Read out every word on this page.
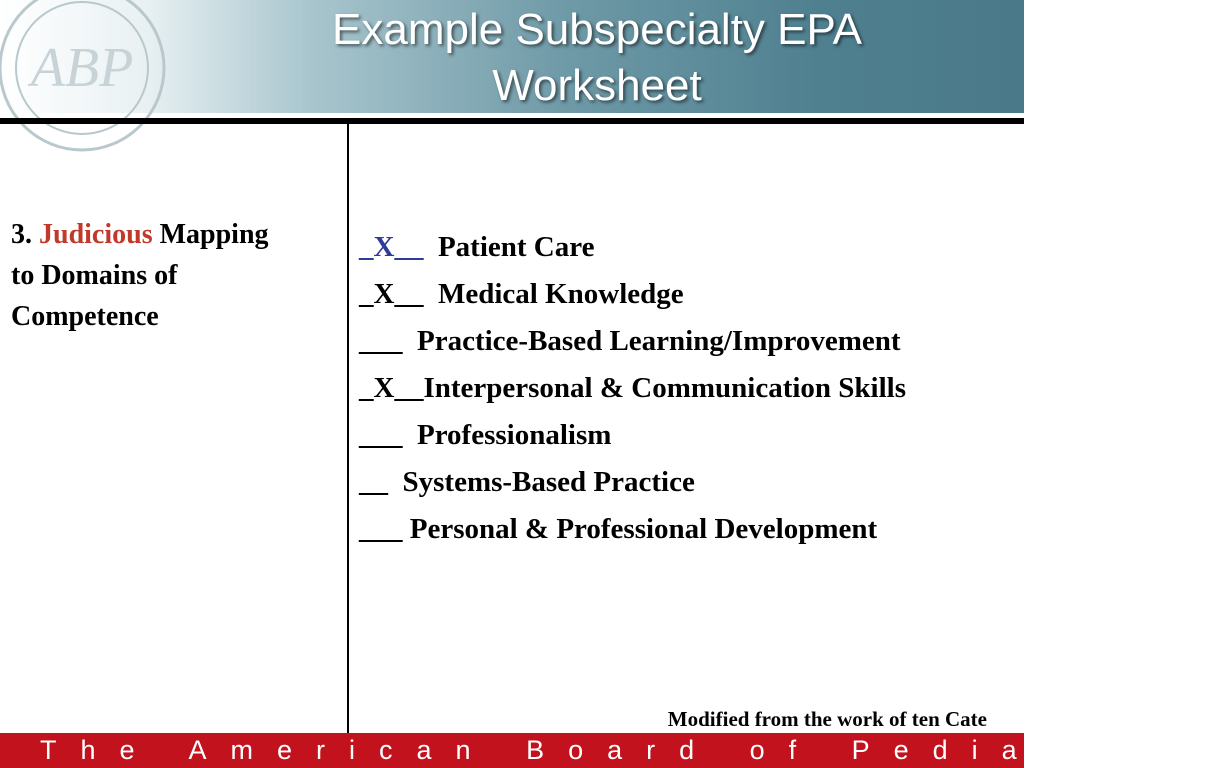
ABP
Example Subspecialty EPA
Worksheet
3. Judicious Mapping
to Domains of
Competence
_X__ Patient Care
_X__ Medical Knowledge
___ Practice-Based Learning/Improvement
_X__Interpersonal & Communication Skills
___ Professionalism
__ Systems-Based Practice
___ Personal & Professional Development
Modified from the work of ten Cate
The American Board of Pediatrics
